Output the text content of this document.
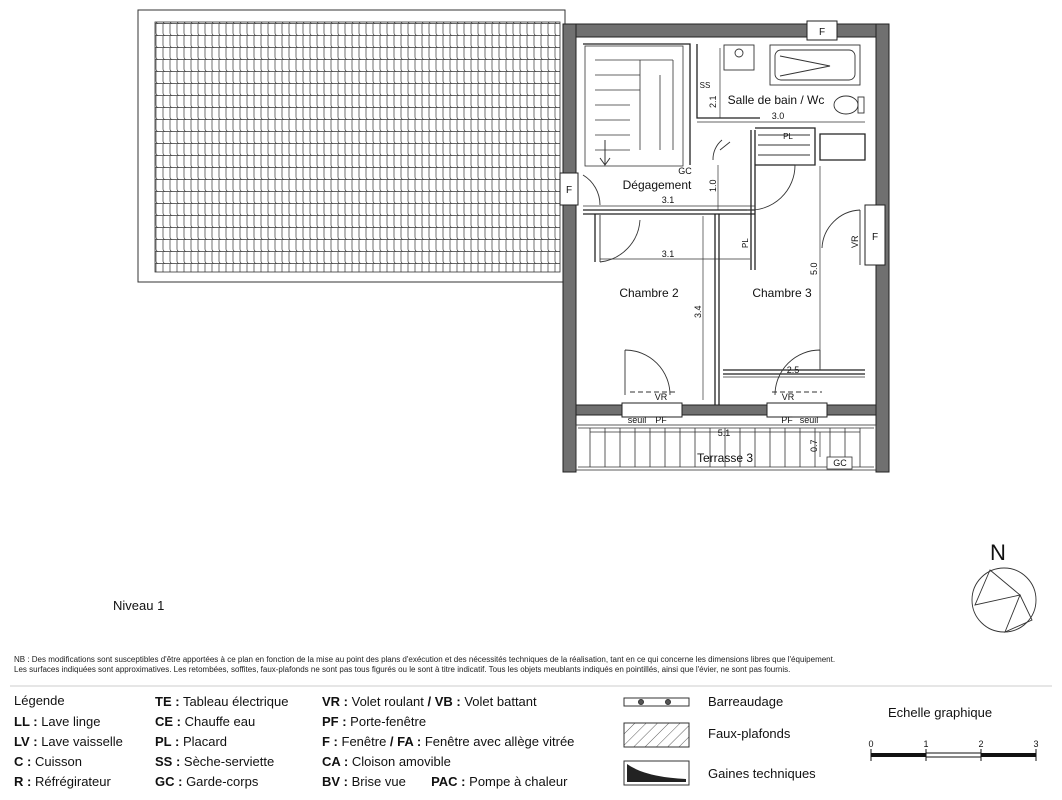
Salle de bain / Wc
Dégagement
Chambre 2	Chambre 3
Terrasse 3
2.1
3.0
1.0
3.1
3.1
3.4
5.0
2.5
5.1
0.7
F
F
F
SS
GC
PL
PL	VR
VR	VR
seuil PF	PF seuil
GC
N
0	1	2	3
Niveau 1

NB : Des modifications sont susceptibles d'être apportées à ce plan en fonction de la mise au point des plans d'exécution et des nécessités techniques de la réalisation, tant en ce qui concerne les dimensions libres que l'équipement.

Les surfaces indiquées sont approximatives. Les retombées, soffites, faux-plafonds ne sont pas tous figurés ou le sont à titre indicatif. Tous les objets meublants indiqués en pointillés, ainsi que l'évier, ne sont pas fournis.

Légende
LL : Lave linge
LV : Lave vaisselle
C : Cuisson
R : Réfrégirateur
TE : Tableau électrique
CE : Chauffe eau
PL : Placard
SS : Sèche-serviette
GC : Garde-corps
VR : Volet roulant / VB : Volet battant
PF : Porte-fenêtre
F : Fenêtre / FA : Fenêtre avec allège vitrée
CA : Cloison amovible
BV : Brise vue       PAC : Pompe à chaleur
Barreaudage
Faux-plafonds
Gaines techniques
Echelle graphique
